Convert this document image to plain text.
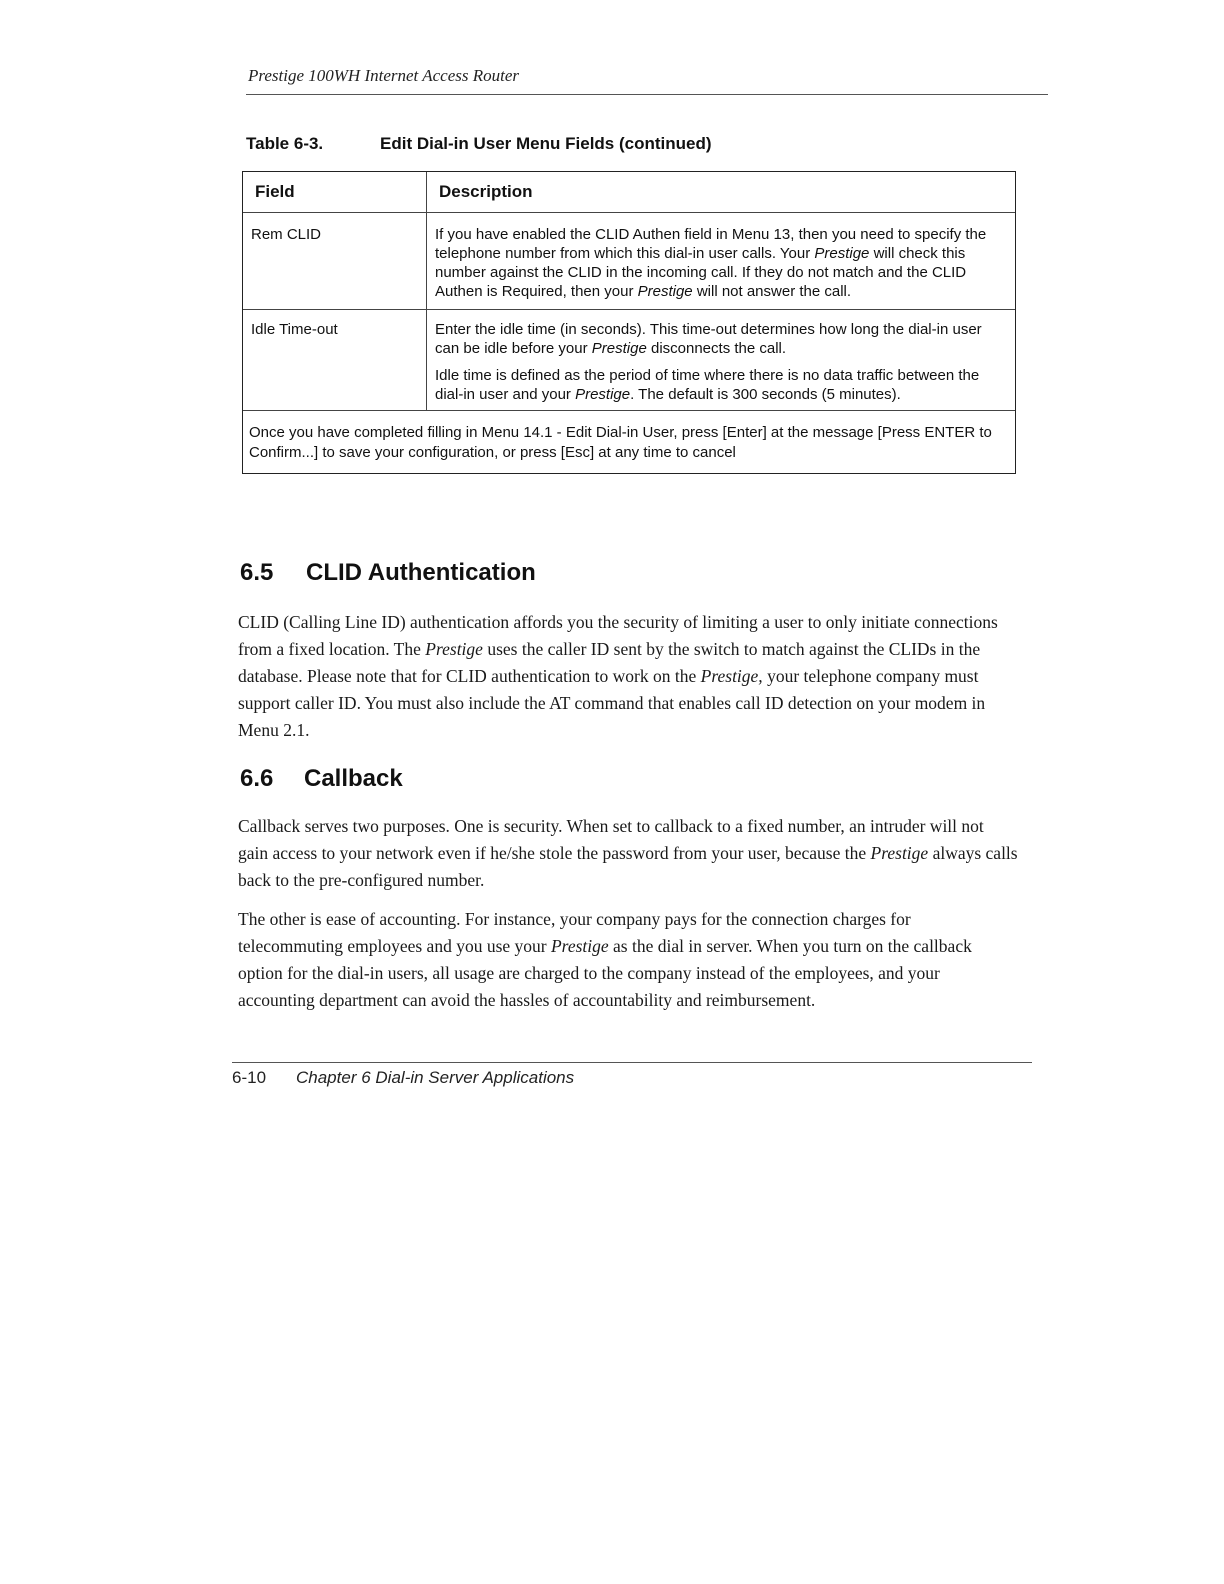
Prestige 100WH Internet Access Router
Table 6-3.	Edit Dial-in User Menu Fields (continued)
Field	Description
Rem CLID	If you have enabled the CLID Authen field in Menu 13, then you need to specify the telephone number from which this dial-in user calls. Your Prestige will check this number against the CLID in the incoming call. If they do not match and the CLID Authen is Required, then your Prestige will not answer the call.

Idle Time-out	Enter the idle time (in seconds). This time-out determines how long the dial-in user can be idle before your Prestige disconnects the call.

Idle time is defined as the period of time where there is no data traffic between the dial-in user and your Prestige. The default is 300 seconds (5 minutes).

Once you have completed filling in Menu 14.1 - Edit Dial-in User, press [Enter] at the message [Press ENTER to Confirm...] to save your configuration, or press [Esc] at any time to cancel
6.5 CLID Authentication

CLID (Calling Line ID) authentication affords you the security of limiting a user to only initiate connections from a fixed location. The Prestige uses the caller ID sent by the switch to match against the CLIDs in the database. Please note that for CLID authentication to work on the Prestige, your telephone company must support caller ID. You must also include the AT command that enables call ID detection on your modem in Menu 2.1.

6.6 Callback

Callback serves two purposes. One is security. When set to callback to a fixed number, an intruder will not gain access to your network even if he/she stole the password from your user, because the Prestige always calls back to the pre-configured number.

The other is ease of accounting. For instance, your company pays for the connection charges for telecommuting employees and you use your Prestige as the dial in server. When you turn on the callback option for the dial-in users, all usage are charged to the company instead of the employees, and your accounting department can avoid the hassles of accountability and reimbursement.

6-10 Chapter 6 Dial-in Server Applications
